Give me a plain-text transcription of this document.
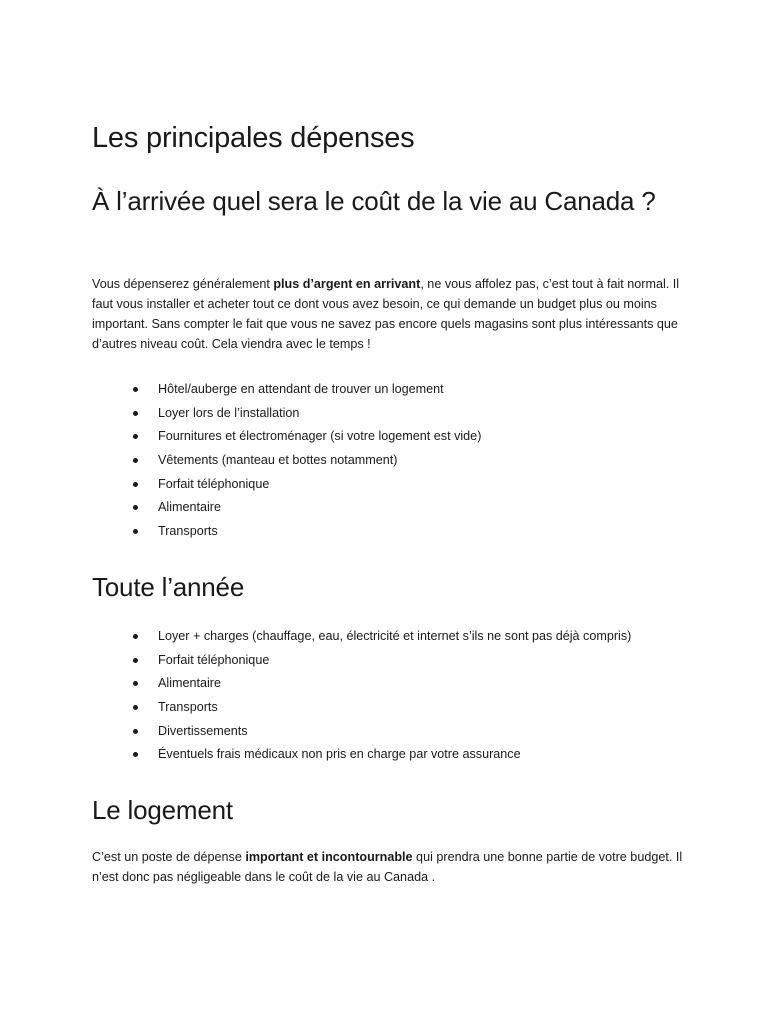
Les principales dépenses
À l’arrivée quel sera le coût de la vie au Canada ?

Vous dépenserez généralement plus d’argent en arrivant, ne vous affolez pas, c’est tout à fait normal. Il faut vous installer et acheter tout ce dont vous avez besoin, ce qui demande un budget plus ou moins important. Sans compter le fait que vous ne savez pas encore quels magasins sont plus intéressants que d’autres niveau coût. Cela viendra avec le temps !

Hôtel/auberge en attendant de trouver un logement
Loyer lors de l’installation
Fournitures et électroménager (si votre logement est vide)
Vêtements (manteau et bottes notamment)
Forfait téléphonique
Alimentaire
Transports
Toute l’année
Loyer + charges (chauffage, eau, électricité et internet s’ils ne sont pas déjà compris)
Forfait téléphonique
Alimentaire
Transports
Divertissements
Éventuels frais médicaux non pris en charge par votre assurance
Le logement

C’est un poste de dépense important et incontournable qui prendra une bonne partie de votre budget. Il n’est donc pas négligeable dans le coût de la vie au Canada .
